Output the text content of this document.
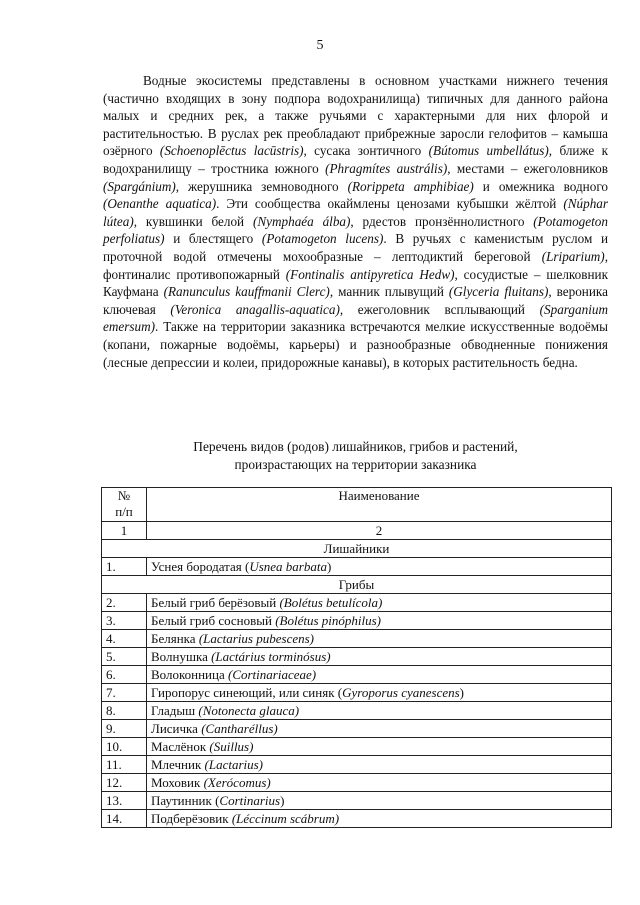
5

Водные экосистемы представлены в основном участками нижнего течения (частично входящих в зону подпора водохранилища) типичных для данного района малых и средних рек, а также ручьями с характерными для них флорой и растительностью. В руслах рек преобладают прибрежные заросли гелофитов – камыша озёрного (Schoenoplēctus lacūstris), сусака зонтичного (Bútomus umbellátus), ближе к водохранилищу – тростника южного (Phragmítes austrális), местами – ежеголовников (Spargánium), жерушника земноводного (Rorippeta amphibiae) и омежника водного (Oenanthe aquatica). Эти сообщества окаймлены ценозами кубышки жёлтой (Núphar lútea), кувшинки белой (Nymphaéa álba), рдестов пронзённолистного (Potamogeton perfoliatus) и блестящего (Potamogeton lucens). В ручьях с каменистым руслом и проточной водой отмечены мохообразные – лептодиктий береговой (Lriparium), фонтиналис противопожарный (Fontinalis antipyretica Hedw), сосудистые – шелковник Кауфмана (Ranunculus kauffmanii Clerc), манник плывущий (Glyceria fluitans), вероника ключевая (Veronica anagallis-aquatica), ежеголовник всплывающий (Sparganium emersum). Также на территории заказника встречаются мелкие искусственные водоёмы (копани, пожарные водоёмы, карьеры) и разнообразные обводненные понижения (лесные депрессии и колеи, придорожные канавы), в которых растительность бедна.

Перечень видов (родов) лишайников, грибов и растений,
произрастающих на территории заказника
№
п/п	Наименование
1	2
Лишайники	
1.	Уснея бородатая (Usnea barbata)
Грибы	
2.	Белый гриб берёзовый (Bolétus betulícola)
3.	Белый гриб сосновый (Bolétus pinóphilus)
4.	Белянка (Lactarius pubescens)
5.	Волнушка (Lactárius torminósus)
6.	Волоконница (Cortinariaceae)
7.	Гиропорус синеющий, или синяк (Gyroporus cyanescens)
8.	Гладыш (Notonecta glauca)
9.	Лисичка (Cantharéllus)
10.	Маслёнок (Suillus)
11.	Млечник (Lactarius)
12.	Моховик (Xerócomus)
13.	Паутинник (Cortinarius)
14.	Подберёзовик (Léccinum scábrum)
